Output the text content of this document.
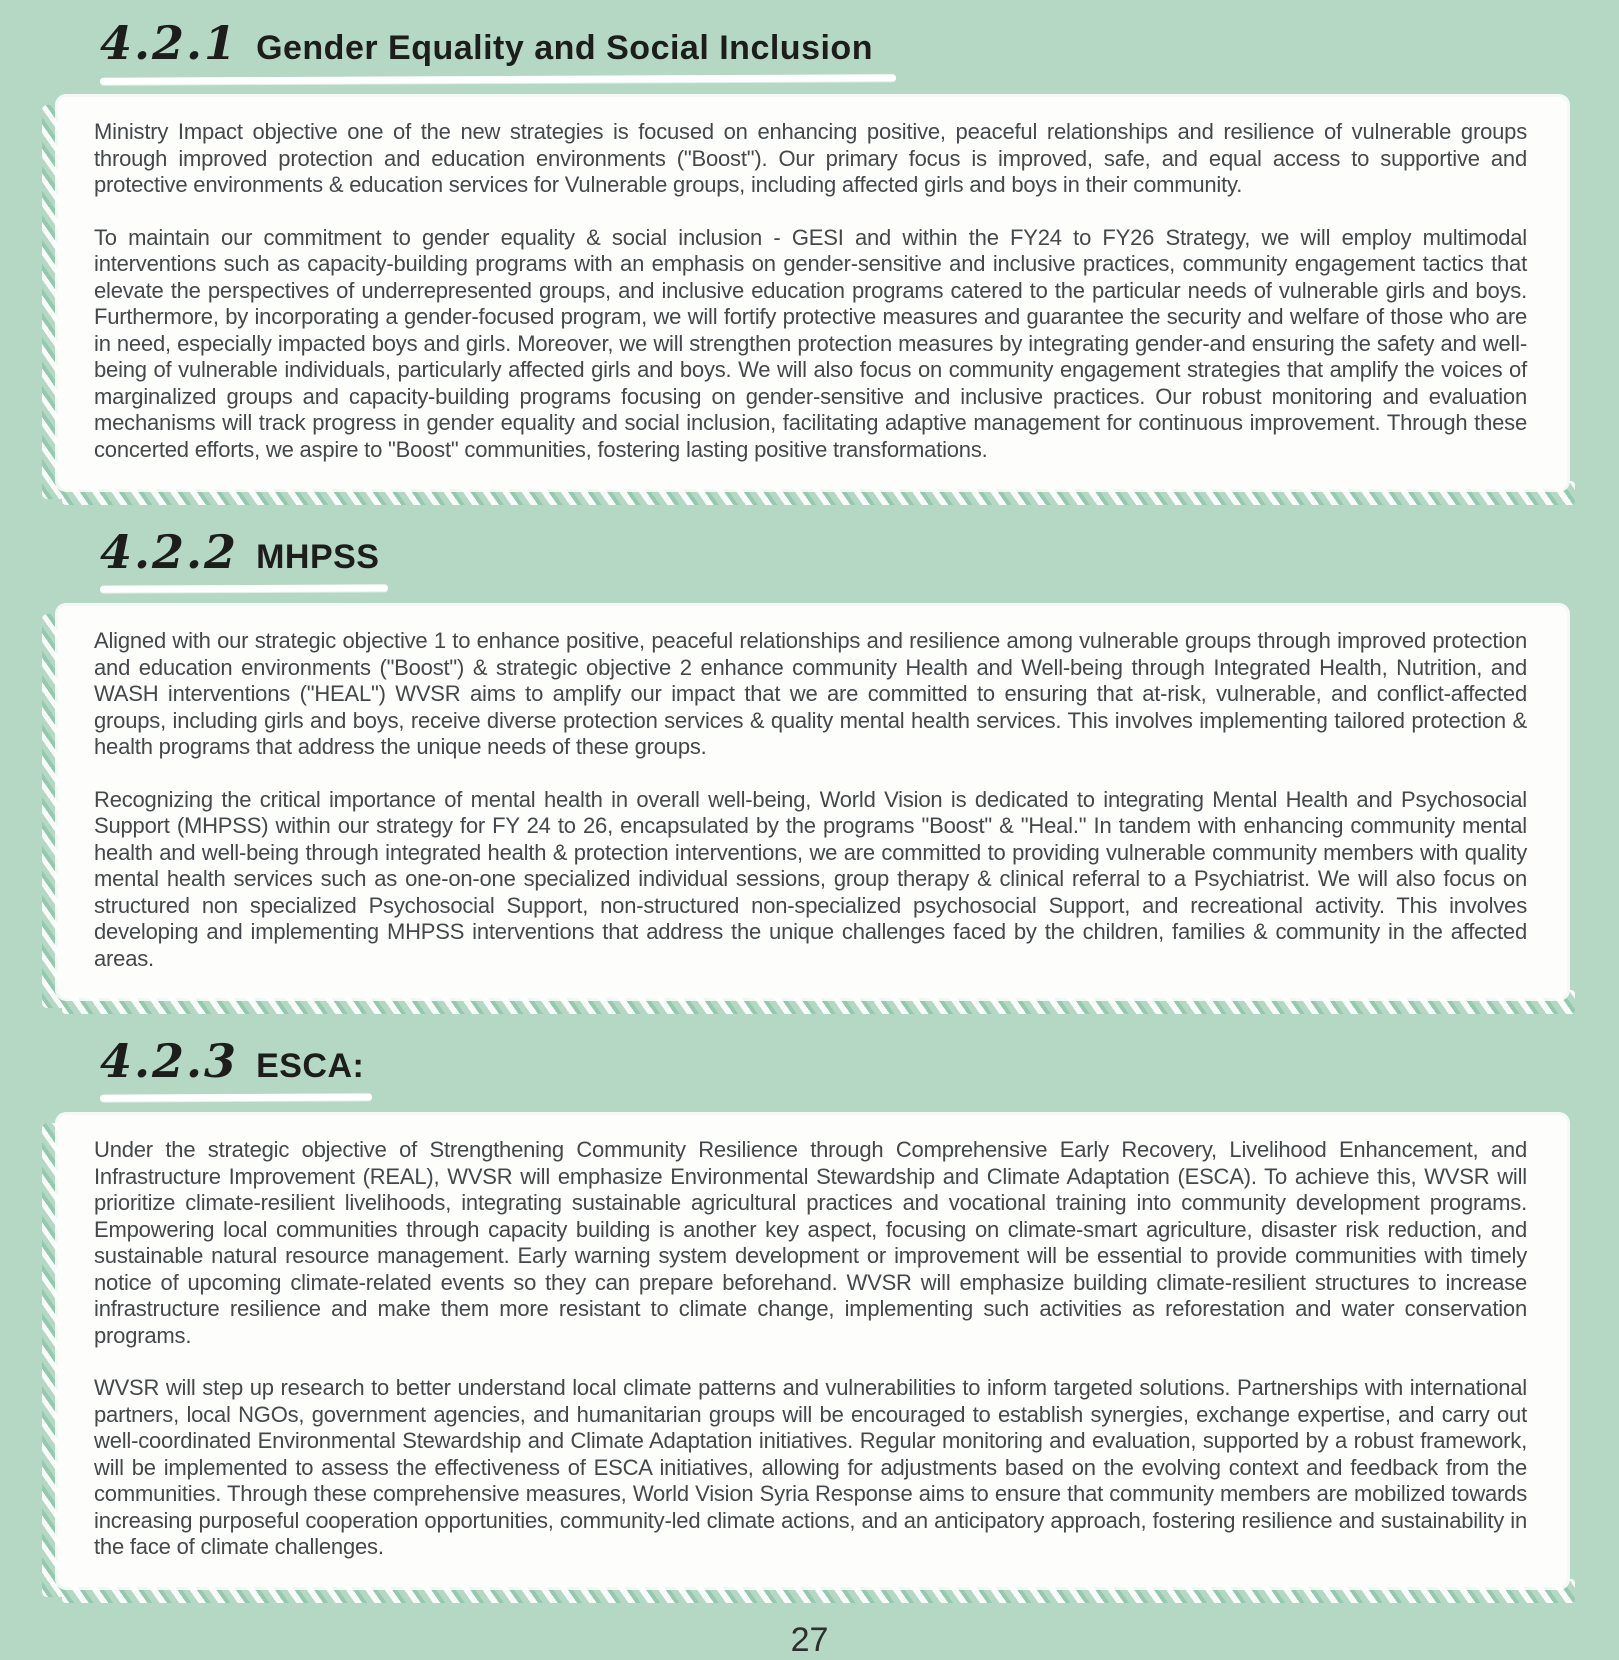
4.2.1 Gender Equality and Social Inclusion

Ministry Impact objective one of the new strategies is focused on enhancing positive, peaceful relationships and resilience of vulnerable groups through improved protection and education environments ("Boost"). Our primary focus is improved, safe, and equal access to supportive and protective environments & education services for Vulnerable groups, including affected girls and boys in their community.

To maintain our commitment to gender equality & social inclusion - GESI and within the FY24 to FY26 Strategy, we will employ multimodal interventions such as capacity-building programs with an emphasis on gender-sensitive and inclusive practices, community engagement tactics that elevate the perspectives of underrepresented groups, and inclusive education programs catered to the particular needs of vulnerable girls and boys. Furthermore, by incorporating a gender-focused program, we will fortify protective measures and guarantee the security and welfare of those who are in need, especially impacted boys and girls. Moreover, we will strengthen protection measures by integrating gender-and ensuring the safety and well-being of vulnerable individuals, particularly affected girls and boys. We will also focus on community engagement strategies that amplify the voices of marginalized groups and capacity-building programs focusing on gender-sensitive and inclusive practices. Our robust monitoring and evaluation mechanisms will track progress in gender equality and social inclusion, facilitating adaptive management for continuous improvement. Through these concerted efforts, we aspire to "Boost" communities, fostering lasting positive transformations.

4.2.2 MHPSS

Aligned with our strategic objective 1 to enhance positive, peaceful relationships and resilience among vulnerable groups through improved protection and education environments ("Boost") & strategic objective 2 enhance community Health and Well-being through Integrated Health, Nutrition, and WASH interventions ("HEAL") WVSR aims to amplify our impact that we are committed to ensuring that at-risk, vulnerable, and conflict-affected groups, including girls and boys, receive diverse protection services & quality mental health services. This involves implementing tailored protection & health programs that address the unique needs of these groups.

Recognizing the critical importance of mental health in overall well-being, World Vision is dedicated to integrating Mental Health and Psychosocial Support (MHPSS) within our strategy for FY 24 to 26, encapsulated by the programs "Boost" & "Heal." In tandem with enhancing community mental health and well-being through integrated health & protection interventions, we are committed to providing vulnerable community members with quality mental health services such as one-on-one specialized individual sessions, group therapy & clinical referral to a Psychiatrist. We will also focus on structured non specialized Psychosocial Support, non-structured non-specialized psychosocial Support, and recreational activity. This involves developing and implementing MHPSS interventions that address the unique challenges faced by the children, families & community in the affected areas.

4.2.3 ESCA:

Under the strategic objective of Strengthening Community Resilience through Comprehensive Early Recovery, Livelihood Enhancement, and Infrastructure Improvement (REAL), WVSR will emphasize Environmental Stewardship and Climate Adaptation (ESCA). To achieve this, WVSR will prioritize climate-resilient livelihoods, integrating sustainable agricultural practices and vocational training into community development programs. Empowering local communities through capacity building is another key aspect, focusing on climate-smart agriculture, disaster risk reduction, and sustainable natural resource management. Early warning system development or improvement will be essential to provide communities with timely notice of upcoming climate-related events so they can prepare beforehand. WVSR will emphasize building climate-resilient structures to increase infrastructure resilience and make them more resistant to climate change, implementing such activities as reforestation and water conservation programs.

WVSR will step up research to better understand local climate patterns and vulnerabilities to inform targeted solutions. Partnerships with international partners, local NGOs, government agencies, and humanitarian groups will be encouraged to establish synergies, exchange expertise, and carry out well-coordinated Environmental Stewardship and Climate Adaptation initiatives. Regular monitoring and evaluation, supported by a robust framework, will be implemented to assess the effectiveness of ESCA initiatives, allowing for adjustments based on the evolving context and feedback from the communities. Through these comprehensive measures, World Vision Syria Response aims to ensure that community members are mobilized towards increasing purposeful cooperation opportunities, community-led climate actions, and an anticipatory approach, fostering resilience and sustainability in the face of climate challenges.

27
